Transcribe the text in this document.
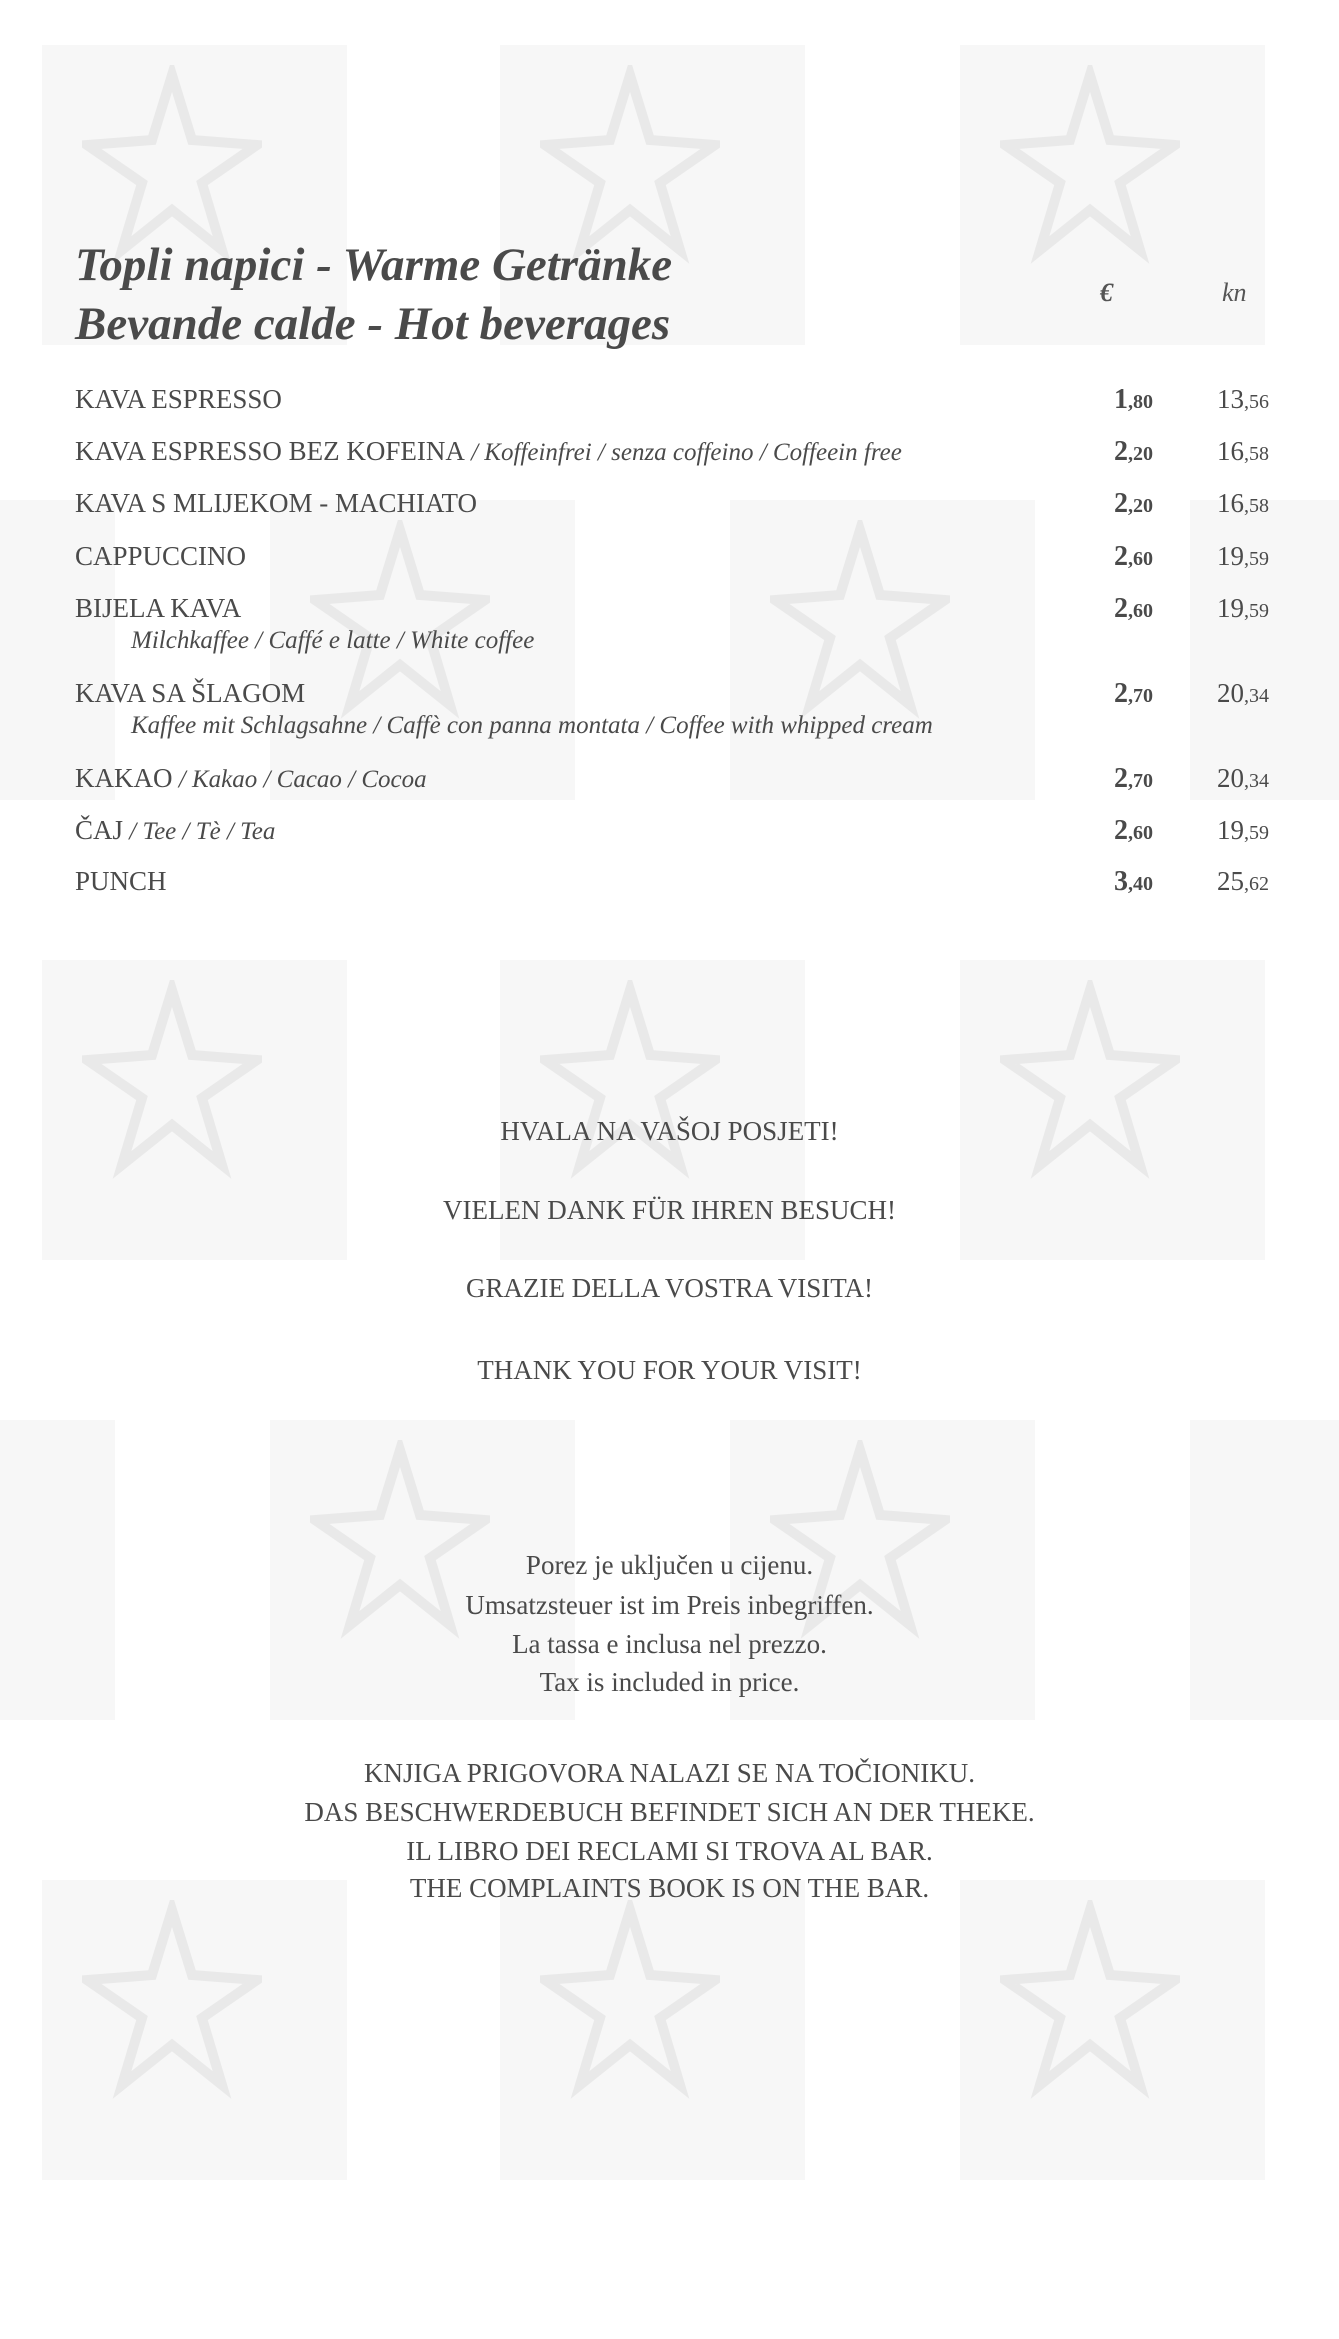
Topli napici - Warme Getränke
Bevande calde - Hot beverages
€	kn
KAVA ESPRESSO	1,80 13,56
KAVA ESPRESSO BEZ KOFEINA / Koffeinfrei / senza coffeino / Coffeein free	2,20 16,58
KAVA S MLIJEKOM - MACHIATO	2,20 16,58
CAPPUCCINO	2,60 19,59
BIJELA KAVA	2,60 19,59
Milchkaffee / Caffé e latte / White coffee
KAVA SA ŠLAGOM	2,70 20,34
Kaffee mit Schlagsahne / Caffè con panna montata / Coffee with whipped cream
KAKAO / Kakao / Cacao / Cocoa	2,70 20,34
ČAJ / Tee / Tè / Tea	2,60 19,59
PUNCH	3,40 25,62
HVALA NA VAŠOJ POSJETI!
VIELEN DANK FÜR IHREN BESUCH!
GRAZIE DELLA VOSTRA VISITA!
THANK YOU FOR YOUR VISIT!
Porez je uključen u cijenu.
Umsatzsteuer ist im Preis inbegriffen.
La tassa e inclusa nel prezzo.
Tax is included in price.
KNJIGA PRIGOVORA NALAZI SE NA TOČIONIKU.
DAS BESCHWERDEBUCH BEFINDET SICH AN DER THEKE.
IL LIBRO DEI RECLAMI SI TROVA AL BAR.
THE COMPLAINTS BOOK IS ON THE BAR.
